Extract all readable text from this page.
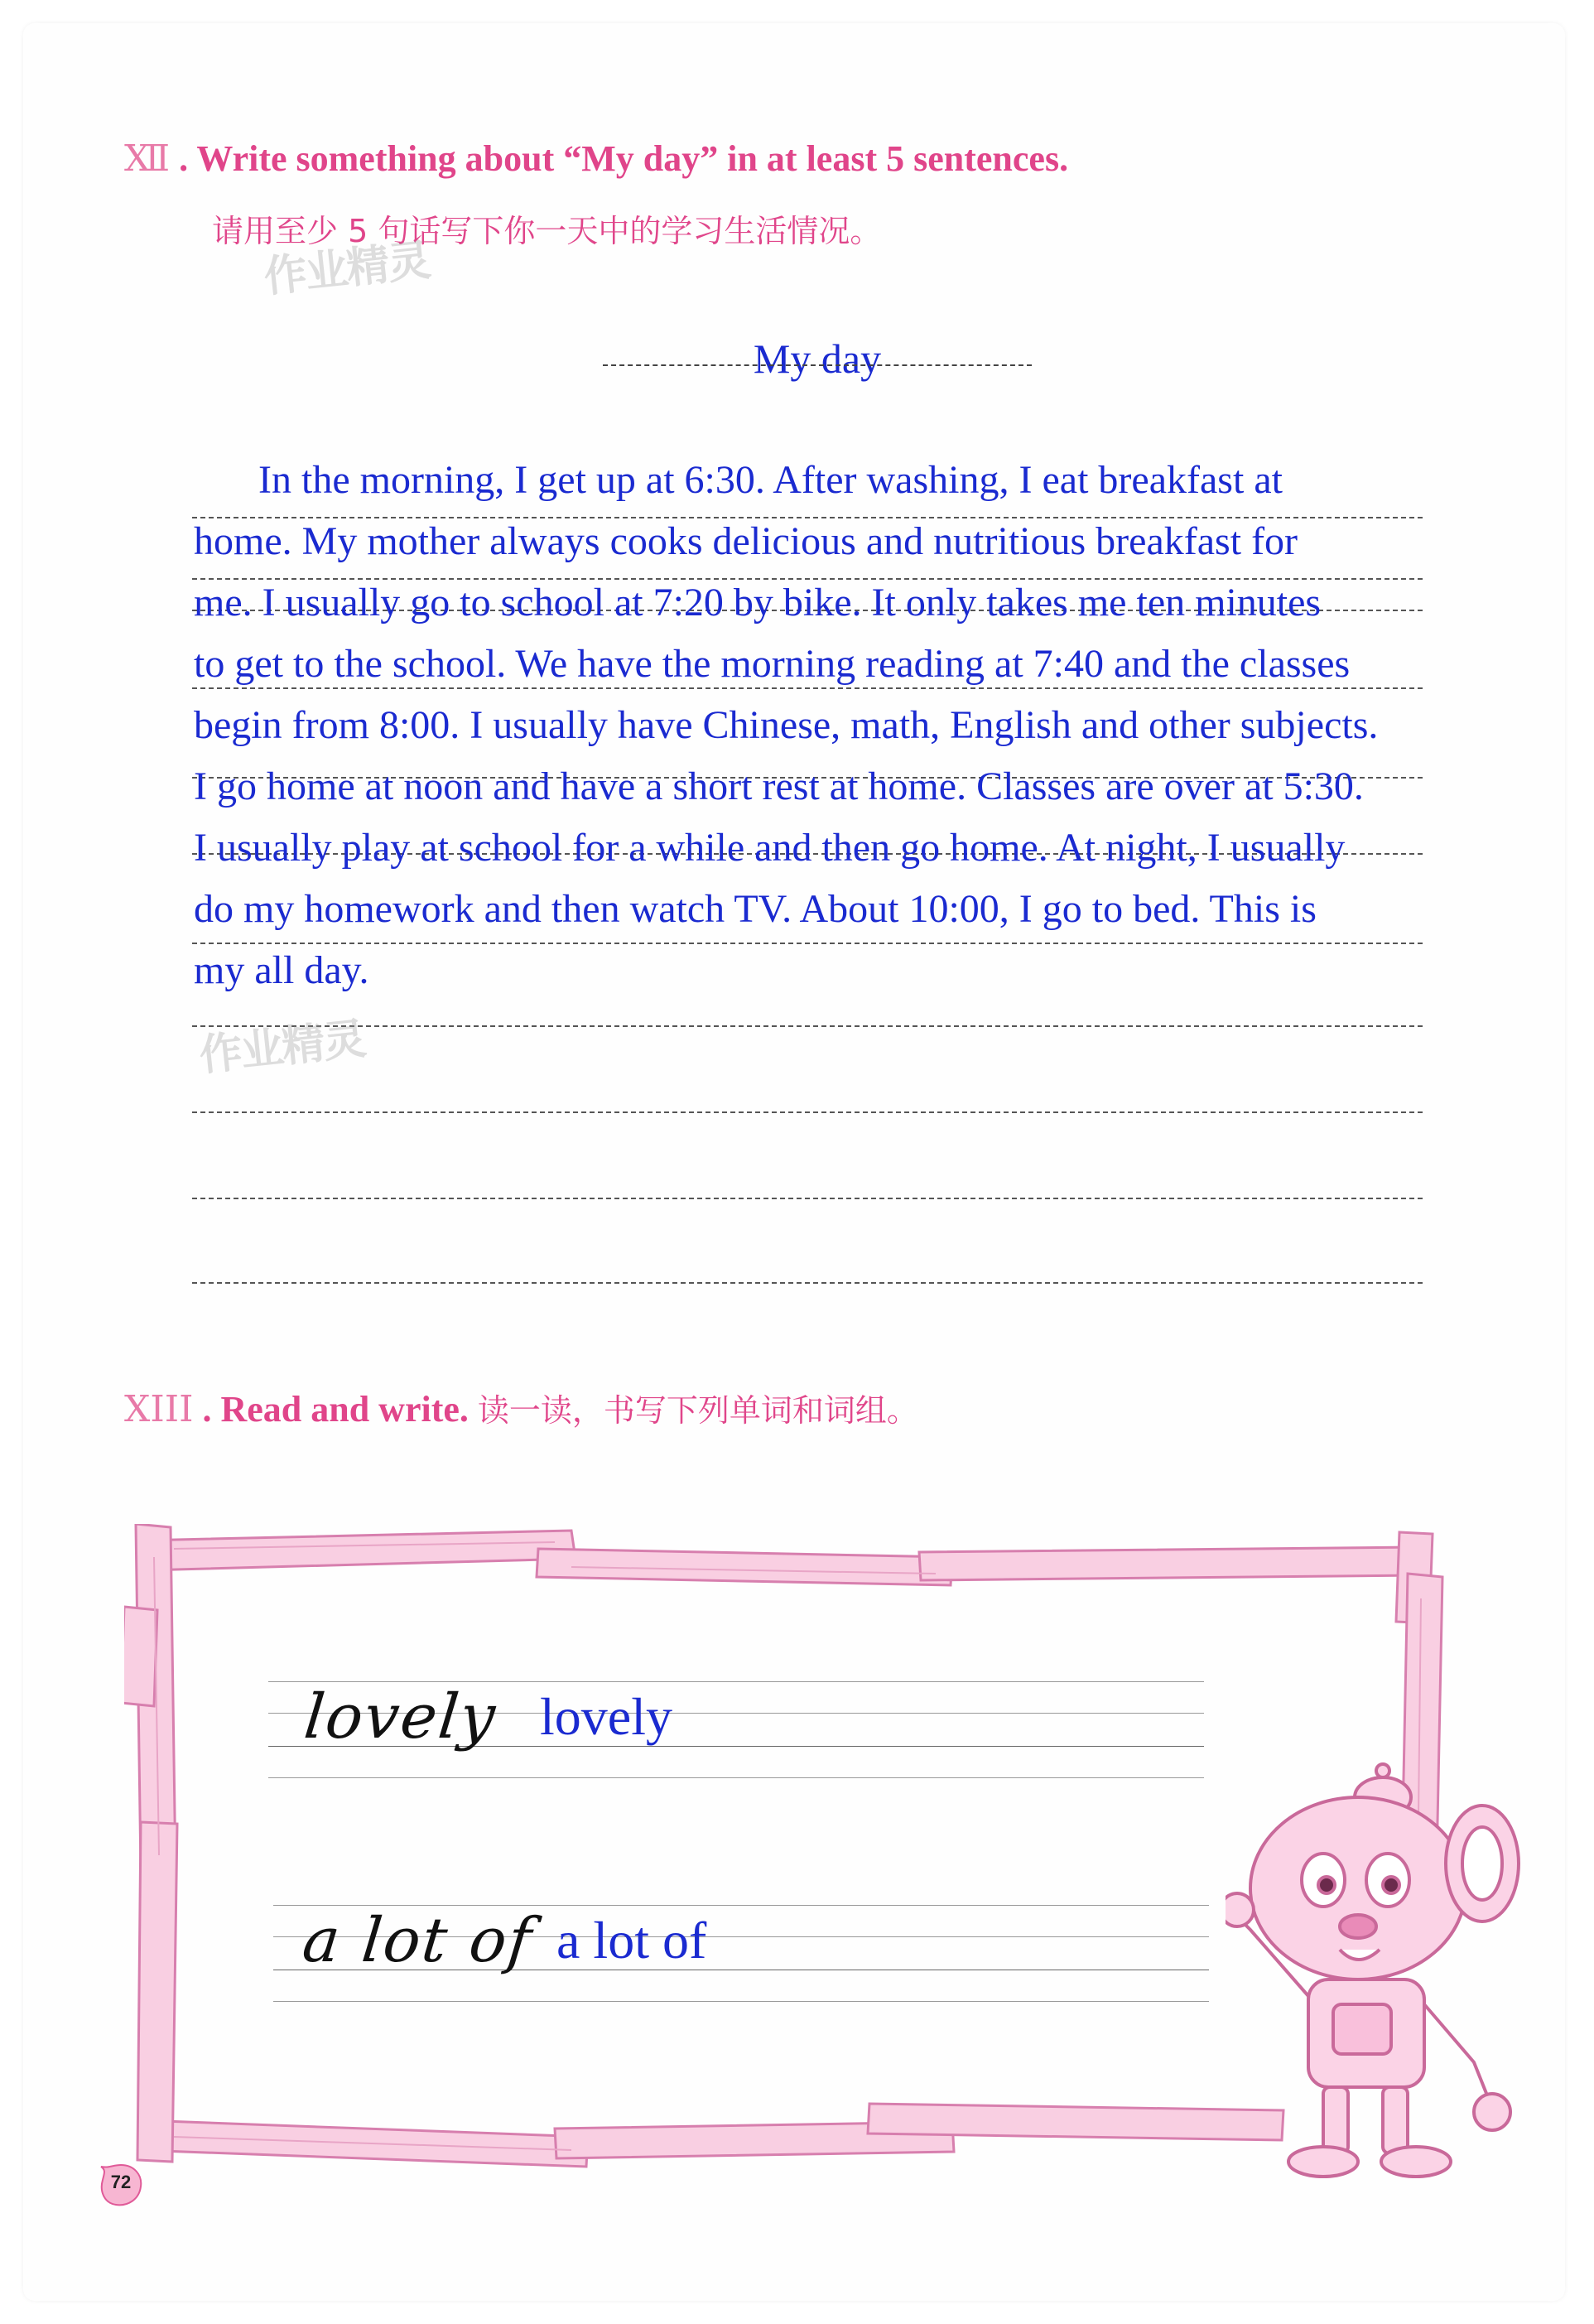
Ⅻ . Write something about “My day” in at least 5 sentences.
请用至少 5 句话写下你一天中的学习生活情况。
作业精灵
My day
In the morning, I get up at 6:30. After washing, I eat breakfast at
home. My mother always cooks delicious and nutritious breakfast for
me. I usually go to school at 7:20 by bike. It only takes me ten minutes
to get to the school. We have the morning reading at 7:40 and the classes
begin from 8:00. I usually have Chinese, math, English and other subjects.
I go home at noon and have a short rest at home. Classes are over at 5:30.
I usually play at school for a while and then go home. At night, I usually
do my homework and then watch TV. About 10:00, I go to bed. This is
my all day.
作业精灵
XIII . Read and write. 读一读，书写下列单词和词组。
lovely lovely
a lot of a lot of
72
